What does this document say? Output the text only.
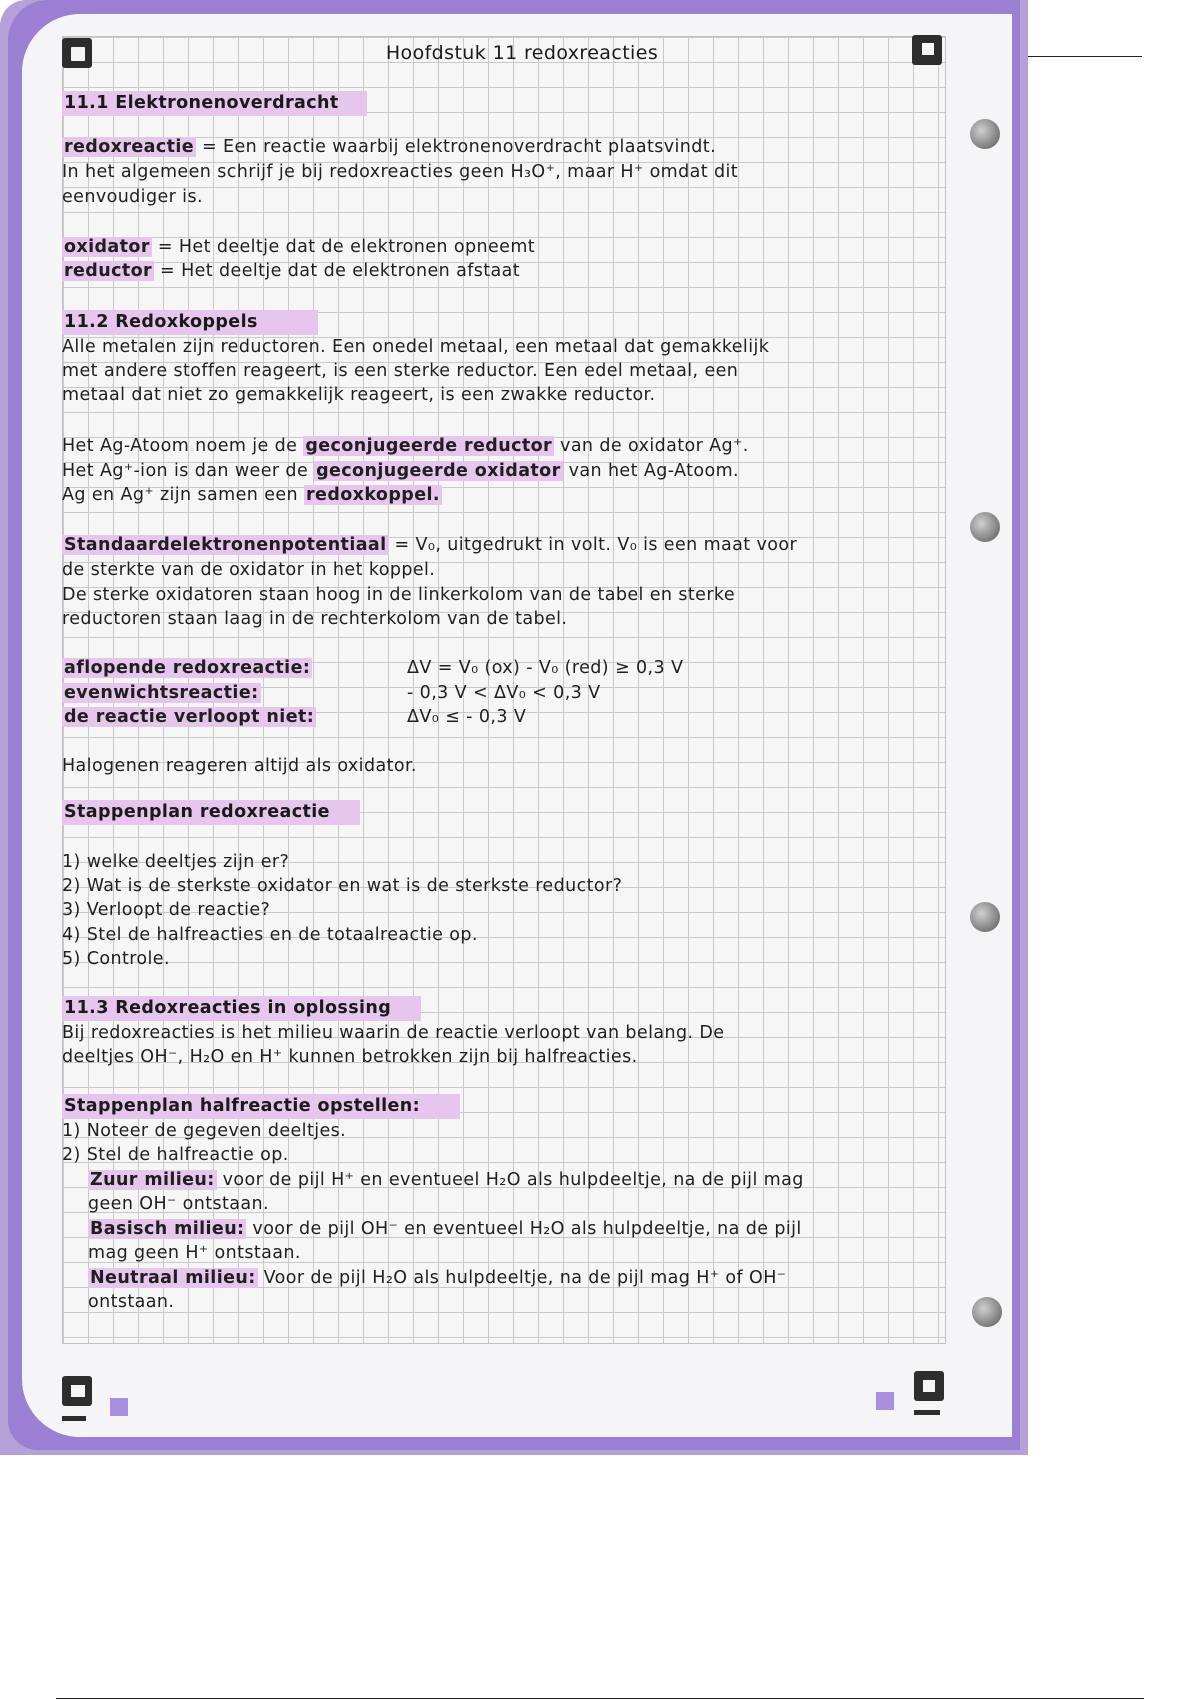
Hoofdstuk 11 redoxreacties
11.1 Elektronenoverdracht
redoxreactie = Een reactie waarbij elektronenoverdracht plaatsvindt.
In het algemeen schrijf je bij redoxreacties geen H₃O⁺, maar H⁺ omdat dit
eenvoudiger is.
oxidator = Het deeltje dat de elektronen opneemt
reductor = Het deeltje dat de elektronen afstaat
11.2 Redoxkoppels
Alle metalen zijn reductoren. Een onedel metaal, een metaal dat gemakkelijk
met andere stoffen reageert, is een sterke reductor. Een edel metaal, een
metaal dat niet zo gemakkelijk reageert, is een zwakke reductor.
Het Ag-Atoom noem je de geconjugeerde reductor van de oxidator Ag⁺.
Het Ag⁺-ion is dan weer de geconjugeerde oxidator van het Ag-Atoom.
Ag en Ag⁺ zijn samen een redoxkoppel.
Standaardelektronenpotentiaal = V₀, uitgedrukt in volt. V₀ is een maat voor
de sterkte van de oxidator in het koppel.
De sterke oxidatoren staan hoog in de linkerkolom van de tabel en sterke
reductoren staan laag in de rechterkolom van de tabel.
aflopende redoxreactie:	ΔV = V₀ (ox) - V₀ (red) ≥ 0,3 V
evenwichtsreactie:	- 0,3 V < ΔV₀ < 0,3 V
de reactie verloopt niet:	ΔV₀ ≤ - 0,3 V
Halogenen reageren altijd als oxidator.
Stappenplan redoxreactie
1) welke deeltjes zijn er?
2) Wat is de sterkste oxidator en wat is de sterkste reductor?
3) Verloopt de reactie?
4) Stel de halfreacties en de totaalreactie op.
5) Controle.
11.3 Redoxreacties in oplossing
Bij redoxreacties is het milieu waarin de reactie verloopt van belang. De
deeltjes OH⁻, H₂O en H⁺ kunnen betrokken zijn bij halfreacties.
Stappenplan halfreactie opstellen:
1) Noteer de gegeven deeltjes.
2) Stel de halfreactie op.
Zuur milieu: voor de pijl H⁺ en eventueel H₂O als hulpdeeltje, na de pijl mag
geen OH⁻ ontstaan.
Basisch milieu: voor de pijl OH⁻ en eventueel H₂O als hulpdeeltje, na de pijl
mag geen H⁺ ontstaan.
Neutraal milieu: Voor de pijl H₂O als hulpdeeltje, na de pijl mag H⁺ of OH⁻
ontstaan.
